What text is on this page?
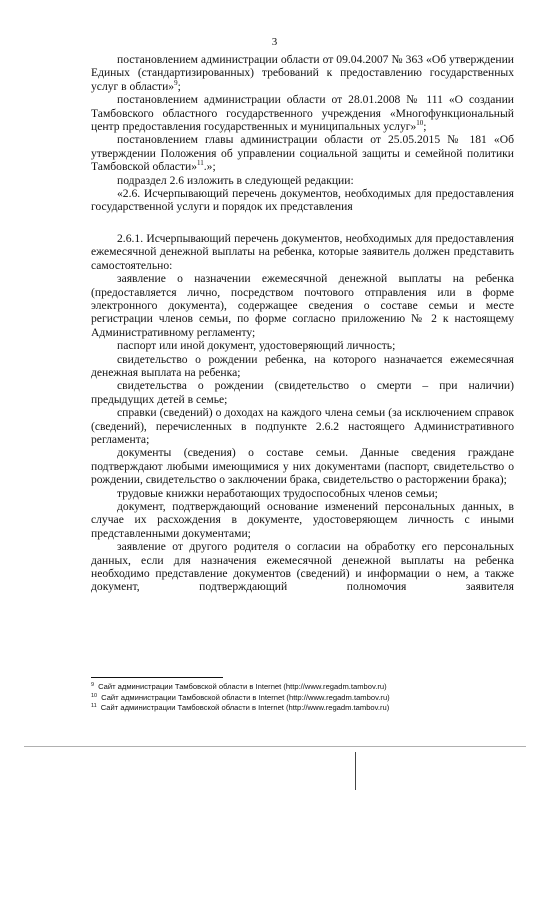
3

постановлением администрации области от 09.04.2007 № 363 «Об утверждении Единых (стандартизированных) требований к предоставлению государственных услуг в области»$^9$;

постановлением администрации области от 28.01.2008 № 111 «О создании Тамбовского областного государственного учреждения «Многофункциональный центр предоставления государственных и муниципальных услуг»$^{10}$;

постановлением главы администрации области от 25.05.2015 № 181 «Об утверждении Положения об управлении социальной защиты и семейной политики Тамбовской области»$^{11}$.»;

подраздел 2.6 изложить в следующей редакции:

«2.6. Исчерпывающий перечень документов, необходимых для предоставления государственной услуги и порядок их представления

2.6.1. Исчерпывающий перечень документов, необходимых для предоставления ежемесячной денежной выплаты на ребенка, которые заявитель должен представить самостоятельно:

заявление о назначении ежемесячной денежной выплаты на ребенка (предоставляется лично, посредством почтового отправления или в форме электронного документа), содержащее сведения о составе семьи и месте регистрации членов семьи, по форме согласно приложению № 2 к настоящему Административному регламенту;

паспорт или иной документ, удостоверяющий личность;

свидетельство о рождении ребенка, на которого назначается ежемесячная денежная выплата на ребенка;

свидетельства о рождении (свидетельство о смерти – при наличии) предыдущих детей в семье;

справки (сведений) о доходах на каждого члена семьи (за исключением справок (сведений), перечисленных в подпункте 2.6.2 настоящего Административного регламента;

документы (сведения) о составе семьи. Данные сведения граждане подтверждают любыми имеющимися у них документами (паспорт, свидетельство о рождении, свидетельство о заключении брака, свидетельство о расторжении брака);

трудовые книжки неработающих трудоспособных членов семьи;

документ, подтверждающий основание изменений персональных данных, в случае их расхождения в документе, удостоверяющем личность с иными представленными документами;

заявление от другого родителя о согласии на обработку его персональных данных, если для назначения ежемесячной денежной выплаты на ребенка необходимо представление документов (сведений) и информации о нем, а также документ, подтверждающий полномочия заявителя

$^9$ Сайт администрации Тамбовской области в Internet (http://www.regadm.tambov.ru)
$^{10}$ Сайт администрации Тамбовской области в Internet (http://www.regadm.tambov.ru)
$^{11}$ Сайт администрации Тамбовской области в Internet (http://www.regadm.tambov.ru)
